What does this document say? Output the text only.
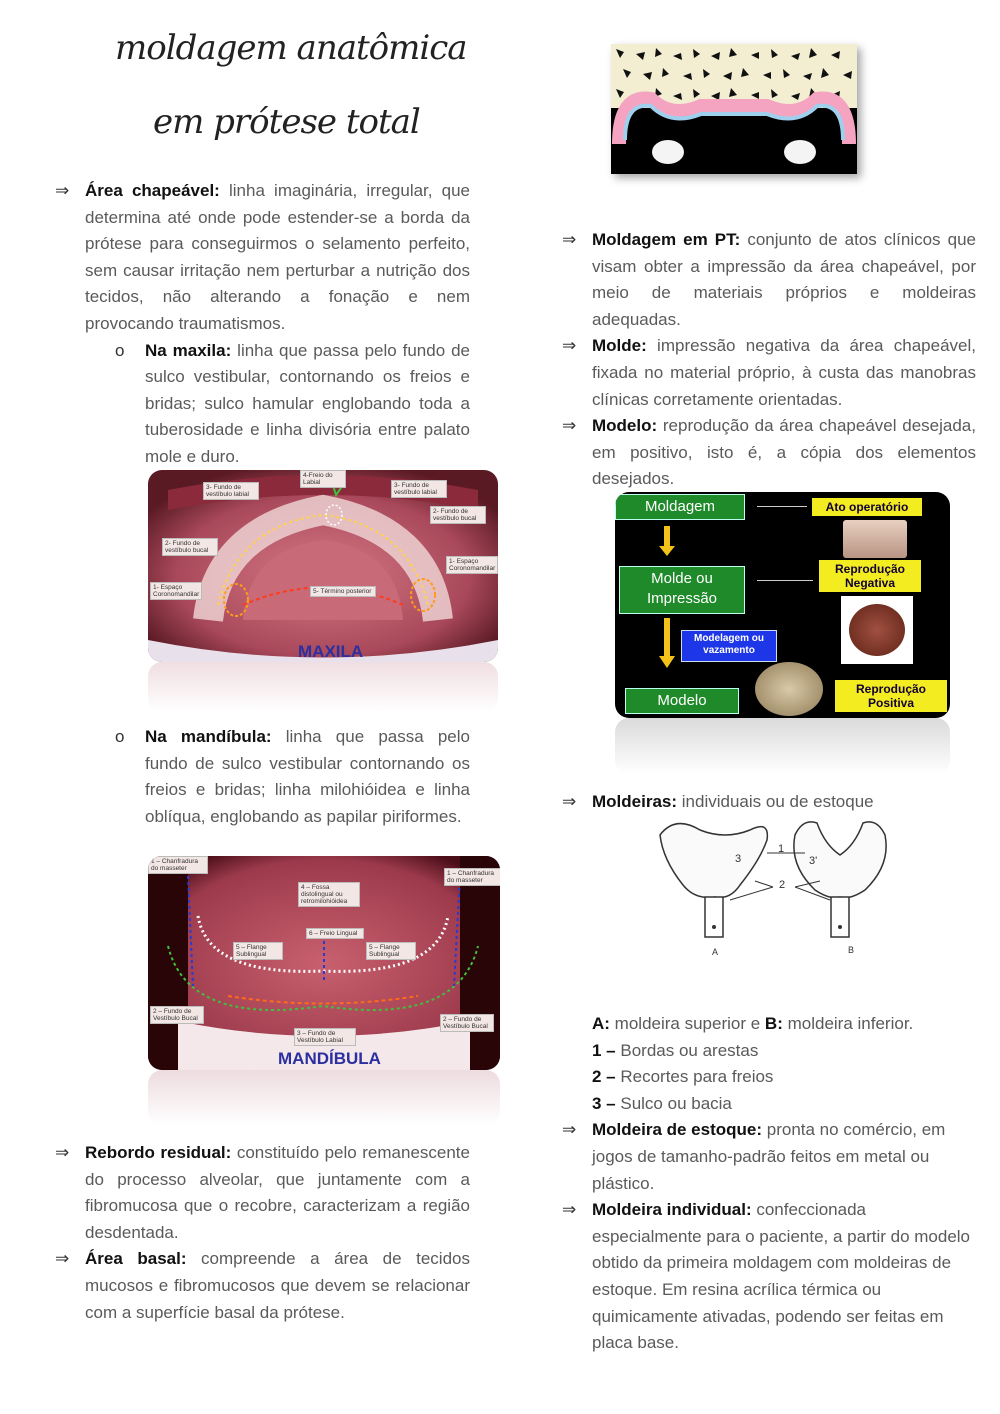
moldagem anatômica
em prótese total

⇒ Área chapeável: linha imaginária, irregular, que determina até onde pode estender-se a borda da prótese para conseguirmos o selamento perfeito, sem causar irritação nem perturbar a nutrição dos tecidos, não alterando a fonação e nem provocando traumatismos.

o Na maxila: linha que passa pelo fundo de sulco vestibular, contornando os freios e bridas; sulco hamular englobando toda a tuberosidade e linha divisória entre palato mole e duro.

4-Freio do Labial
3- Fundo de vestíbulo labial
3- Fundo de vestíbulo labial
2- Fundo de vestíbulo bucal
2- Fundo de vestíbulo bucal
1- Espaço Coronomandilar
1- Espaço Coronomandilar
5- Término posterior
MAXILA

o Na mandíbula: linha que passa pelo fundo de sulco vestibular contornando os freios e bridas; linha milohióidea e linha oblíqua, englobando as papilar piriformes.

1 – Chanfradura do masseter
1 – Chanfradura do masseter
4 – Fossa distolingual ou retromilohióidea
6 – Freio Lingual
5 – Flange Sublingual
5 – Flange Sublingual
2 – Fundo de Vestíbulo Bucal	2 – Fundo de Vestíbulo Bucal
3 – Fundo de Vestíbulo Labial
MANDÍBULA

⇒ Rebordo residual: constituído pelo remanescente do processo alveolar, que juntamente com a fibromucosa que o recobre, caracterizam a região desdentada.

⇒ Área basal: compreende a área de tecidos mucosos e fibromucosos que devem se relacionar com a superfície basal da prótese.

⇒ Moldagem em PT: conjunto de atos clínicos que visam obter a impressão da área chapeável, por meio de materiais próprios e moldeiras adequadas.

⇒ Molde: impressão negativa da área chapeável, fixada no material próprio, à custa das manobras clínicas corretamente orientadas.

⇒ Modelo: reprodução da área chapeável desejada, em positivo, isto é, a cópia dos elementos desejados.

Moldagem
Molde ou Impressão
Modelo
Modelagem ou vazamento
Ato operatório
Reprodução Negativa
Reprodução Positiva

⇒ Moldeiras: individuais ou de estoque

1
2
3	3'
A	B
A: moldeira superior e B: moldeira inferior.
1 – Bordas ou arestas
2 – Recortes para freios
3 – Sulco ou bacia

⇒ Moldeira de estoque: pronta no comércio, em jogos de tamanho-padrão feitos em metal ou plástico.

⇒ Moldeira individual: confeccionada especialmente para o paciente, a partir do modelo obtido da primeira moldagem com moldeiras de estoque. Em resina acrílica térmica ou quimicamente ativadas, podendo ser feitas em placa base.
